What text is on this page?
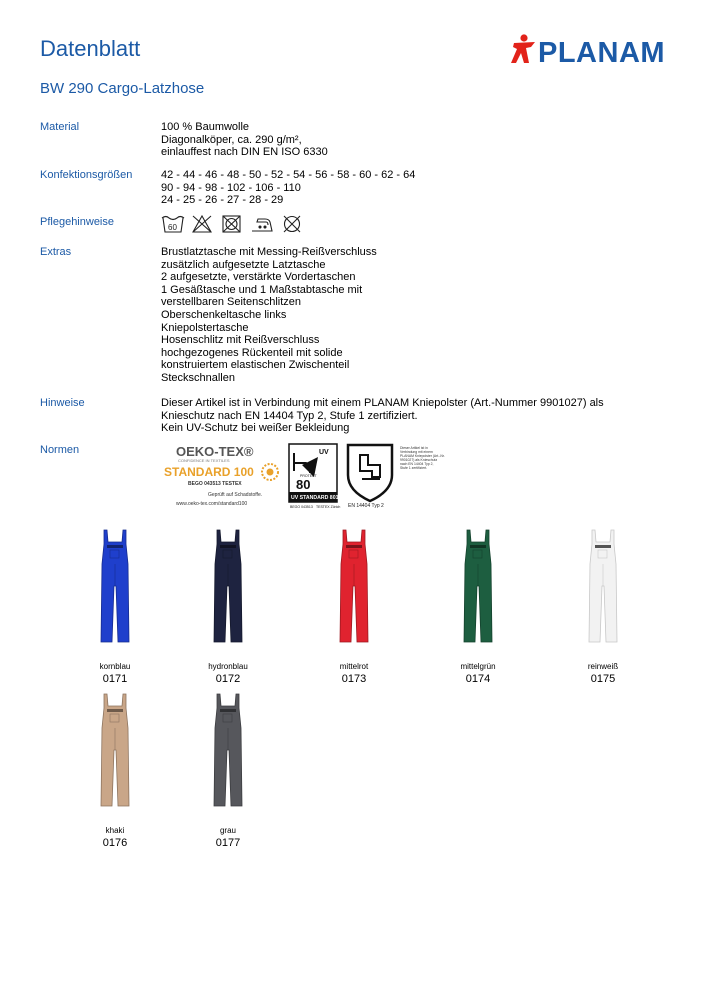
Datenblatt	PLANAM
BW 290 Cargo-Latzhose
Material	100 % Baumwolle
Diagonalköper, ca. 290 g/m²,
einlauffest nach DIN EN ISO 6330
Konfektionsgrößen	42 - 44 - 46 - 48 - 50 - 52 - 54 - 56 - 58 - 60 - 62 - 64
90 - 94 - 98 - 102 - 106 - 110
24 - 25 - 26 - 27 - 28 - 29
Pflegehinweise	60
Extras	Brustlatztasche mit Messing-Reißverschluss
zusätzlich aufgesetzte Latztasche
2 aufgesetzte, verstärkte Vordertaschen
1 Gesäßtasche und 1 Maßstabtasche mit
verstellbaren Seitenschlitzen
Oberschenkeltasche links
Kniepolstertasche
Hosenschlitz mit Reißverschluss
hochgezogenes Rückenteil mit solide
konstruiertem elastischen Zwischenteil
Steckschnallen
Hinweise	Dieser Artikel ist in Verbindung mit einem PLANAM Kniepolster (Art.-Nummer 9901027) als
Knieschutz nach EN 14404 Typ 2, Stufe 1 zertifiziert.
Kein UV-Schutz bei weißer Bekleidung
Normen	OEKO-TEX®
CONFIDENCE IN TEXTILES
STANDARD 100
BEGO 043513 TESTEX
Geprüft auf Schadstoffe.
www.oeko-tex.com/standard100
UV
PROTECT
80
UV STANDARD 801
BEGO 043513 TESTEX Zürich EN 14404 Typ 2
Dieser Artikel ist in
Verbindung mit einem
PLANAM Kniepolster (Art.-Nr.
9901027) als Knieschutz
nach EN 14404 Typ 2,
Stufe 1 zertifiziert.
kornblau
0171
hydronblau
0172
mittelrot
0173
mittelgrün
0174
reinweiß
0175
khaki
0176
grau
0177
